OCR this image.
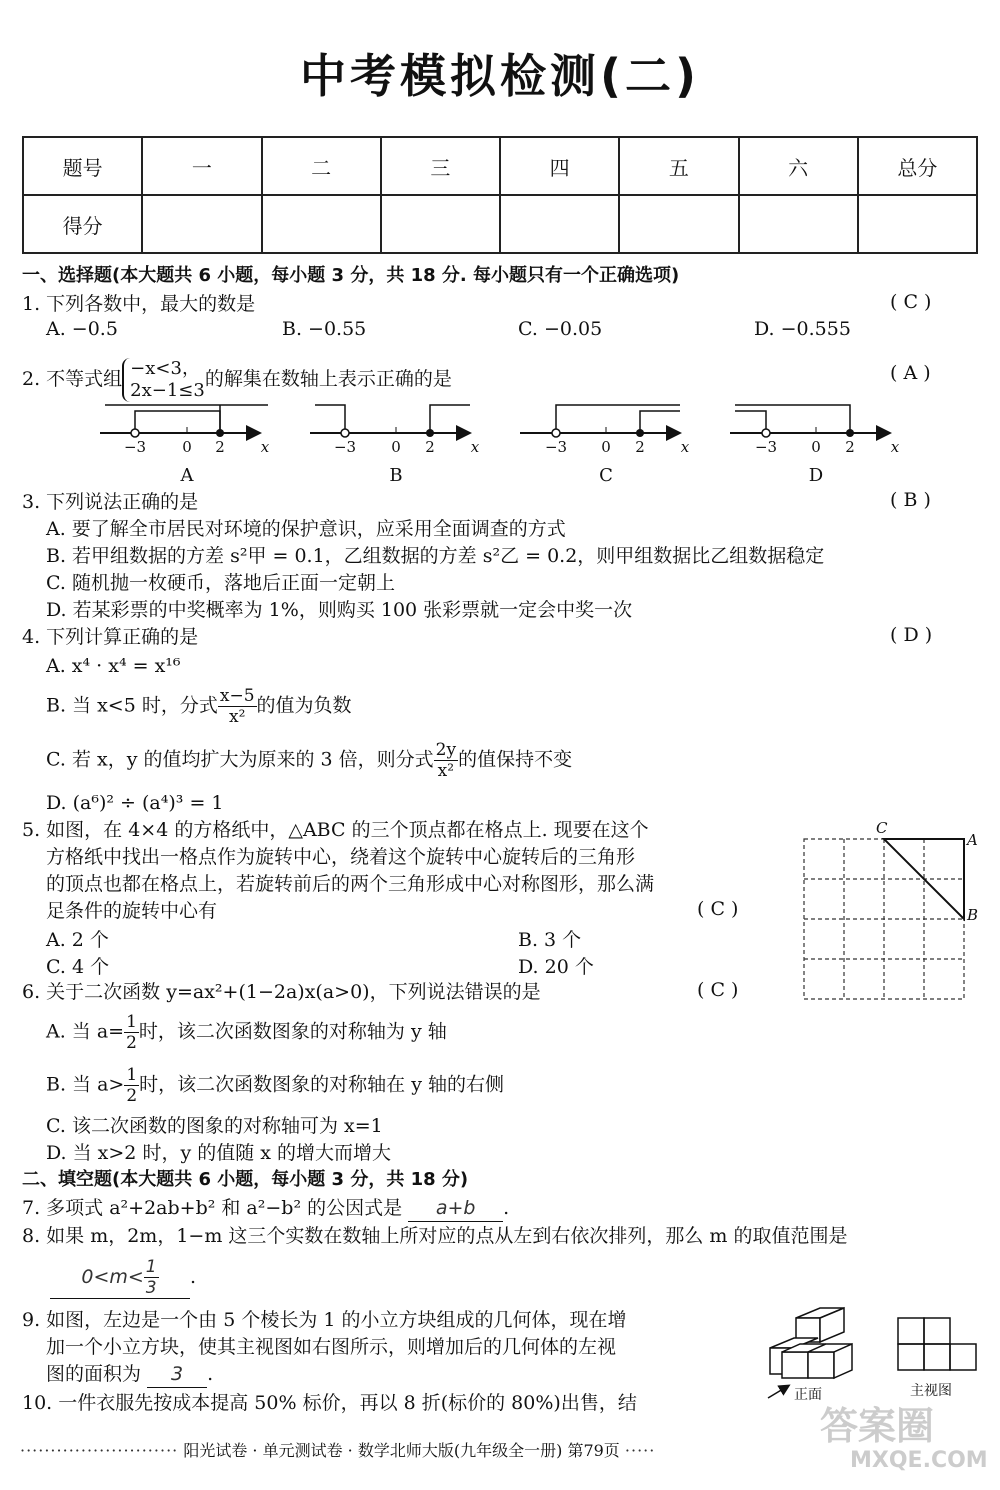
中考模拟检测(二)
题号	一	二	三	四	五	六	总分
得分							
一、选择题(本大题共 6 小题，每小题 3 分，共 18 分. 每小题只有一个正确选项)
1. 下列各数中，最大的数是	( C )
A. −0.5	B. −0.55	C. −0.05	D. −0.555
2. 不等式组 −x<3，
2x−1≤3
的解集在数轴上表示正确的是	( A )
−3 0 2 x	−3 0 2 x	−3 0 2 x	−3 0 2 x
A	B	C	D
3. 下列说法正确的是	( B )
A. 要了解全市居民对环境的保护意识，应采用全面调查的方式
B. 若甲组数据的方差 s²甲 = 0.1，乙组数据的方差 s²乙 = 0.2，则甲组数据比乙组数据稳定
C. 随机抛一枚硬币，落地后正面一定朝上
D. 若某彩票的中奖概率为 1%，则购买 100 张彩票就一定会中奖一次
4. 下列计算正确的是	( D )
A. x⁴ · x⁴ = x¹⁶
B. 当 x<5 时，分式 $\frac{x-5}{\text{x²}}$ 的值为负数
C. 若 x，y 的值均扩大为原来的 3 倍，则分式 $\frac{2y}{\text{x²}}$ 的值保持不变
D. (a⁶)² ÷ (a⁴)³ = 1
5. 如图，在 4×4 的方格纸中，△ABC 的三个顶点都在格点上. 现要在这个
方格纸中找出一格点作为旋转中心，绕着这个旋转中心旋转后的三角形
的顶点也都在格点上，若旋转前后的两个三角形成中心对称图形，那么满
足条件的旋转中心有	( C )
A. 2 个	B. 3 个
C. 4 个	D. 20 个
C
A
B
6. 关于二次函数 y=ax²+(1−2a)x(a>0)，下列说法错误的是	( C )
A. 当 $a= \frac{1}{2}$ 时，该二次函数图象的对称轴为 y 轴
B. 当 $a> \frac{1}{2}$ 时，该二次函数图象的对称轴在 y 轴的右侧
C. 该二次函数的图象的对称轴可为 x=1
D. 当 x>2 时，y 的值随 x 的增大而增大
二、填空题(本大题共 6 小题，每小题 3 分，共 18 分)
7. 多项式 a²+2ab+b² 和 a²−b² 的公因式是 a+b .
8. 如果 m，2m，1−m 这三个实数在数轴上所对应的点从左到右依次排列，那么 m 的取值范围是
$0<m< \frac{1}{3}$ .
9. 如图，左边是一个由 5 个棱长为 1 的小立方块组成的几何体，现在增
加一个小立方块，使其主视图如右图所示，则增加后的几何体的左视
图的面积为 3 .
正面	主视图
10. 一件衣服先按成本提高 50% 标价，再以 8 折(标价的 80%)出售，结
·························· 阳光试卷 · 单元测试卷 · 数学北师大版(九年级全一册) 第79页 ·····
答案圈
MXQE.COM
